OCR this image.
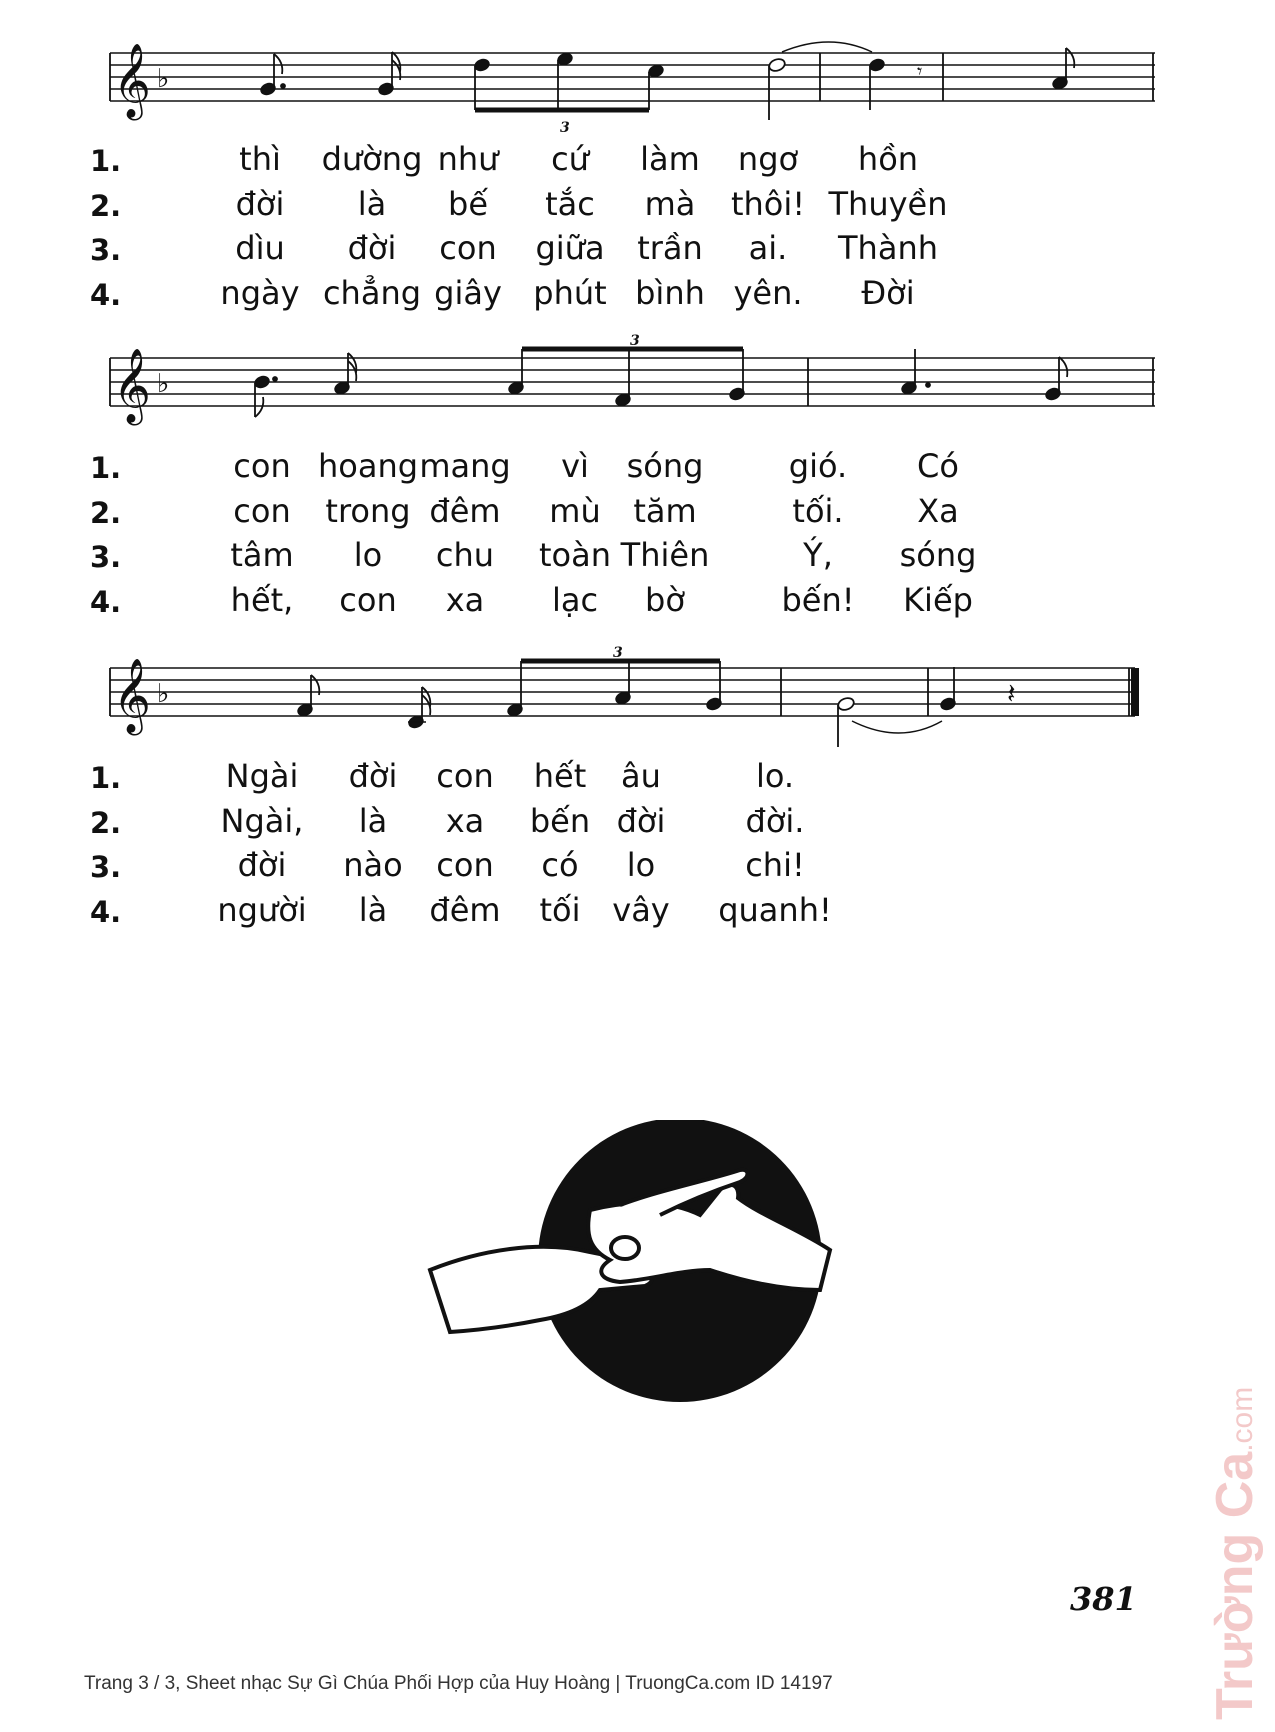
𝄞 ♭	𝄾
3
1.	thì dường như cứ làm ngơ hồn
2.	đời là bế tắc mà thôi! Thuyền
3.	dìu đời con giữa trần ai. Thành
4.	ngày chẳng giây phút bình yên. Đời
𝄞 ♭
3
1.	con hoang mang vì sóng	gió. Có
2.	con trong đêm mù tăm	tối. Xa
3.	tâm lo chu toàn Thiên	Ý, sóng
4.	hết, con xa lạc bờ	bến! Kiếp
𝄞 ♭	𝄽
3
1.	Ngài đời con hết âu	lo.
2.	Ngài, là xa bến đời	đời.
3.	đời nào con có lo	chi!
4.	người là đêm tối vây quanh!
381
Trang 3 / 3, Sheet nhạc Sự Gì Chúa Phối Hợp của Huy Hoàng | TruongCa.com ID 14197	Trường Ca.com
